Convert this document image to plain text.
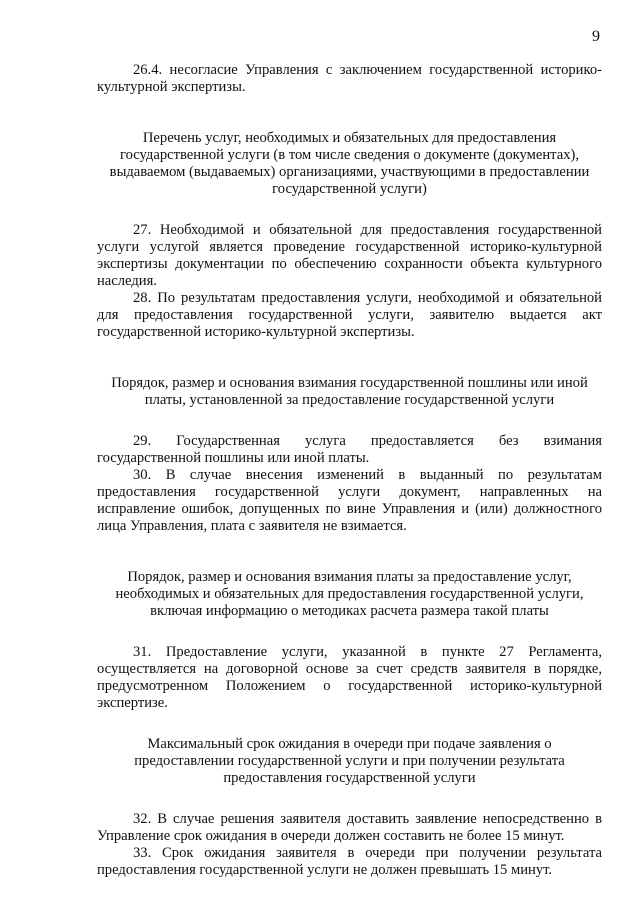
9

26.4. несогласие Управления с заключением государственной историко-культурной экспертизы.

Перечень услуг, необходимых и обязательных для предоставления государственной услуги (в том числе сведения о документе (документах), выдаваемом (выдаваемых) организациями, участвующими в предоставлении государственной услуги)

27. Необходимой и обязательной для предоставления государственной услуги услугой является проведение государственной историко-культурной экспертизы документации по обеспечению сохранности объекта культурного наследия.

28. По результатам предоставления услуги, необходимой и обязательной для предоставления государственной услуги, заявителю выдается акт государственной историко-культурной экспертизы.

Порядок, размер и основания взимания государственной пошлины или иной платы, установленной за предоставление государственной услуги

29. Государственная услуга предоставляется без взимания государственной пошлины или иной платы.

30. В случае внесения изменений в выданный по результатам предоставления государственной услуги документ, направленных на исправление ошибок, допущенных по вине Управления и (или) должностного лица Управления, плата с заявителя не взимается.

Порядок, размер и основания взимания платы за предоставление услуг, необходимых и обязательных для предоставления государственной услуги, включая информацию о методиках расчета размера такой платы

31. Предоставление услуги, указанной в пункте 27 Регламента, осуществляется на договорной основе за счет средств заявителя в порядке, предусмотренном Положением о государственной историко-культурной экспертизе.

Максимальный срок ожидания в очереди при подаче заявления о предоставлении государственной услуги и при получении результата предоставления государственной услуги

32. В случае решения заявителя доставить заявление непосредственно в Управление срок ожидания в очереди должен составить не более 15 минут.

33. Срок ожидания заявителя в очереди при получении результата предоставления государственной услуги не должен превышать 15 минут.
